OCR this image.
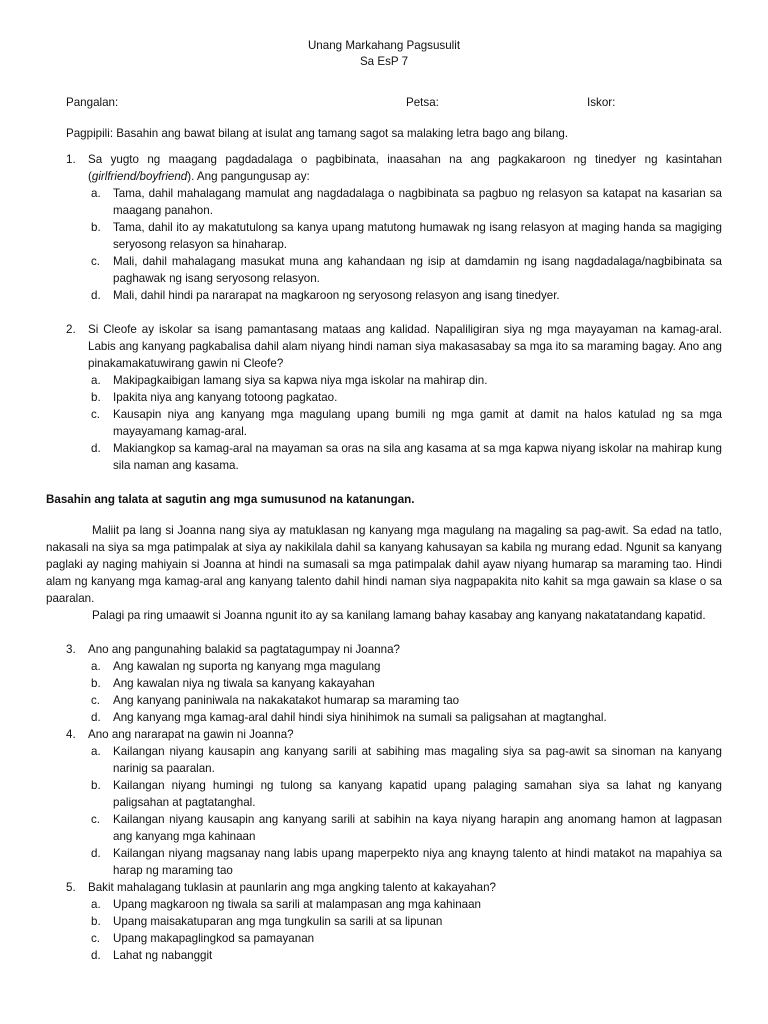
Unang Markahang Pagsusulit
Sa EsP 7
Pangalan:	Petsa:	Iskor:
Pagpipili: Basahin ang bawat bilang at isulat ang tamang sagot sa malaking letra bago ang bilang.
1.	Sa yugto ng maagang pagdadalaga o pagbibinata, inaasahan na ang pagkakaroon ng tinedyer ng kasintahan (girlfriend/boyfriend). Ang pangungusap ay:
a.	Tama, dahil mahalagang mamulat ang nagdadalaga o nagbibinata sa pagbuo ng relasyon sa katapat na kasarian sa maagang panahon.
b.	Tama, dahil ito ay makatutulong sa kanya upang matutong humawak ng isang relasyon at maging handa sa magiging seryosong relasyon sa hinaharap.
c.	Mali, dahil mahalagang masukat muna ang kahandaan ng isip at damdamin ng isang nagdadalaga/nagbibinata sa paghawak ng isang seryosong relasyon.
d.	Mali, dahil hindi pa nararapat na magkaroon ng seryosong relasyon ang isang tinedyer.
2.	Si Cleofe ay iskolar sa isang pamantasang mataas ang kalidad. Napaliligiran siya ng mga mayayaman na kamag-aral. Labis ang kanyang pagkabalisa dahil alam niyang hindi naman siya makasasabay sa mga ito sa maraming bagay. Ano ang pinakamakatuwirang gawin ni Cleofe?
a.	Makipagkaibigan lamang siya sa kapwa niya mga iskolar na mahirap din.
b.	Ipakita niya ang kanyang totoong pagkatao.
c.	Kausapin niya ang kanyang mga magulang upang bumili ng mga gamit at damit na halos katulad ng sa mga mayayamang kamag-aral.
d.	Makiangkop sa kamag-aral na mayaman sa oras na sila ang kasama at sa mga kapwa niyang iskolar na mahirap kung sila naman ang kasama.
Basahin ang talata at sagutin ang mga sumusunod na katanungan.
Maliit pa lang si Joanna nang siya ay matuklasan ng kanyang mga magulang na magaling sa pag-awit. Sa edad na tatlo, nakasali na siya sa mga patimpalak at siya ay nakikilala dahil sa kanyang kahusayan sa kabila ng murang edad. Ngunit sa kanyang paglaki ay naging mahiyain si Joanna at hindi na sumasali sa mga patimpalak dahil ayaw niyang humarap sa maraming tao. Hindi alam ng kanyang mga kamag-aral ang kanyang talento dahil hindi naman siya nagpapakita nito kahit sa mga gawain sa klase o sa paaralan.
Palagi pa ring umaawit si Joanna ngunit ito ay sa kanilang lamang bahay kasabay ang kanyang nakatatandang kapatid.
3.	Ano ang pangunahing balakid sa pagtatagumpay ni Joanna?
a.	Ang kawalan ng suporta ng kanyang mga magulang
b.	Ang kawalan niya ng tiwala sa kanyang kakayahan
c.	Ang kanyang paniniwala na nakakatakot humarap sa maraming tao
d.	Ang kanyang mga kamag-aral dahil hindi siya hinihimok na sumali sa paligsahan at magtanghal.
4.	Ano ang nararapat na gawin ni Joanna?
a.	Kailangan niyang kausapin ang kanyang sarili at sabihing mas magaling siya sa pag-awit sa sinoman na kanyang narinig sa paaralan.
b.	Kailangan niyang humingi ng tulong sa kanyang kapatid upang palaging samahan siya sa lahat ng kanyang paligsahan at pagtatanghal.
c.	Kailangan niyang kausapin ang kanyang sarili at sabihin na kaya niyang harapin ang anomang hamon at lagpasan ang kanyang mga kahinaan
d.	Kailangan niyang magsanay nang labis upang maperpekto niya ang knayng talento at hindi matakot na mapahiya sa harap ng maraming tao
5.	Bakit mahalagang tuklasin at paunlarin ang mga angking talento at kakayahan?
a.	Upang magkaroon ng tiwala sa sarili at malampasan ang mga kahinaan
b.	Upang maisakatuparan ang mga tungkulin sa sarili at sa lipunan
c.	Upang makapaglingkod sa pamayanan
d.	Lahat ng nabanggit
